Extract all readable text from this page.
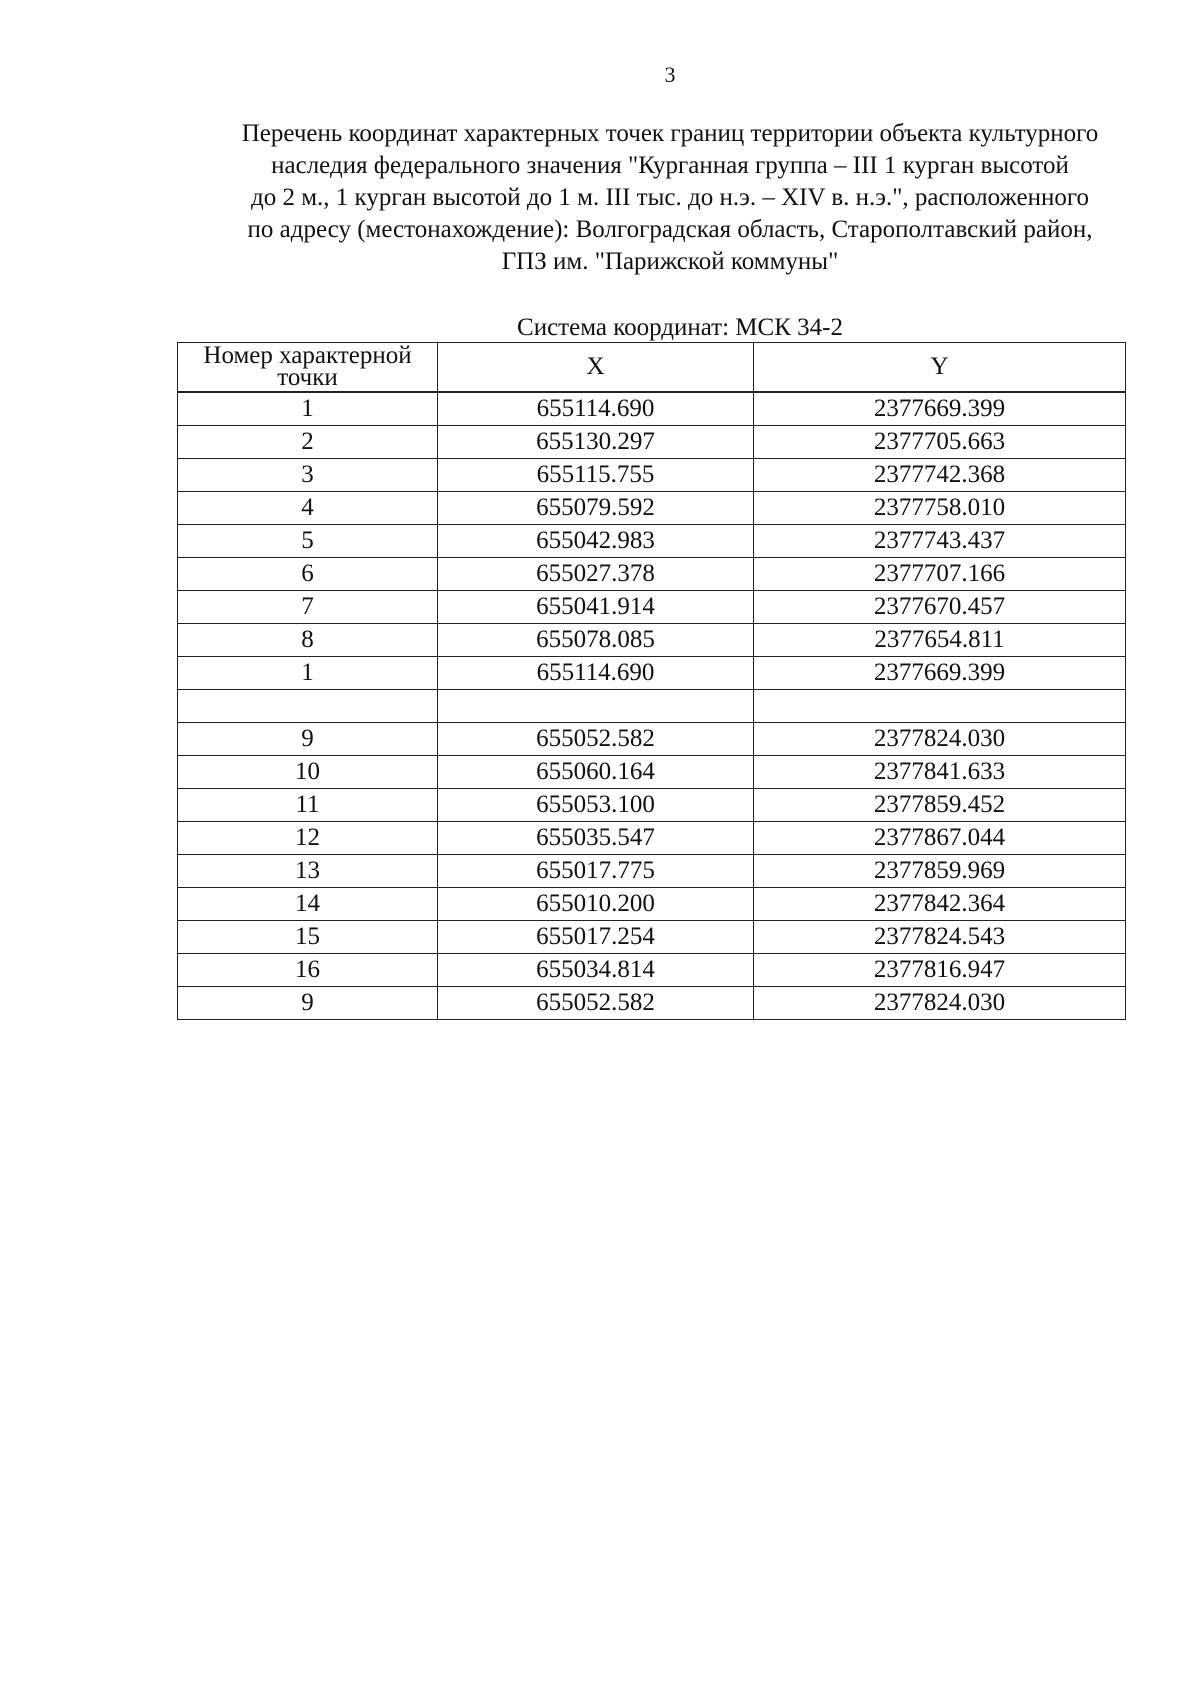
3
Перечень координат характерных точек границ территории объекта культурного
наследия федерального значения "Курганная группа – III 1 курган высотой
до 2 м., 1 курган высотой до 1 м. III тыс. до н.э. – XIV в. н.э.", расположенного
по адресу (местонахождение): Волгоградская область, Старополтавский район,
ГПЗ им. "Парижской коммуны"
Система координат: МСК 34-2
Номер характерной точки	X	Y
1	655114.690	2377669.399
2	655130.297	2377705.663
3	655115.755	2377742.368
4	655079.592	2377758.010
5	655042.983	2377743.437
6	655027.378	2377707.166
7	655041.914	2377670.457
8	655078.085	2377654.811
1	655114.690	2377669.399

9	655052.582	2377824.030
10	655060.164	2377841.633
11	655053.100	2377859.452
12	655035.547	2377867.044
13	655017.775	2377859.969
14	655010.200	2377842.364
15	655017.254	2377824.543
16	655034.814	2377816.947
9	655052.582	2377824.030
